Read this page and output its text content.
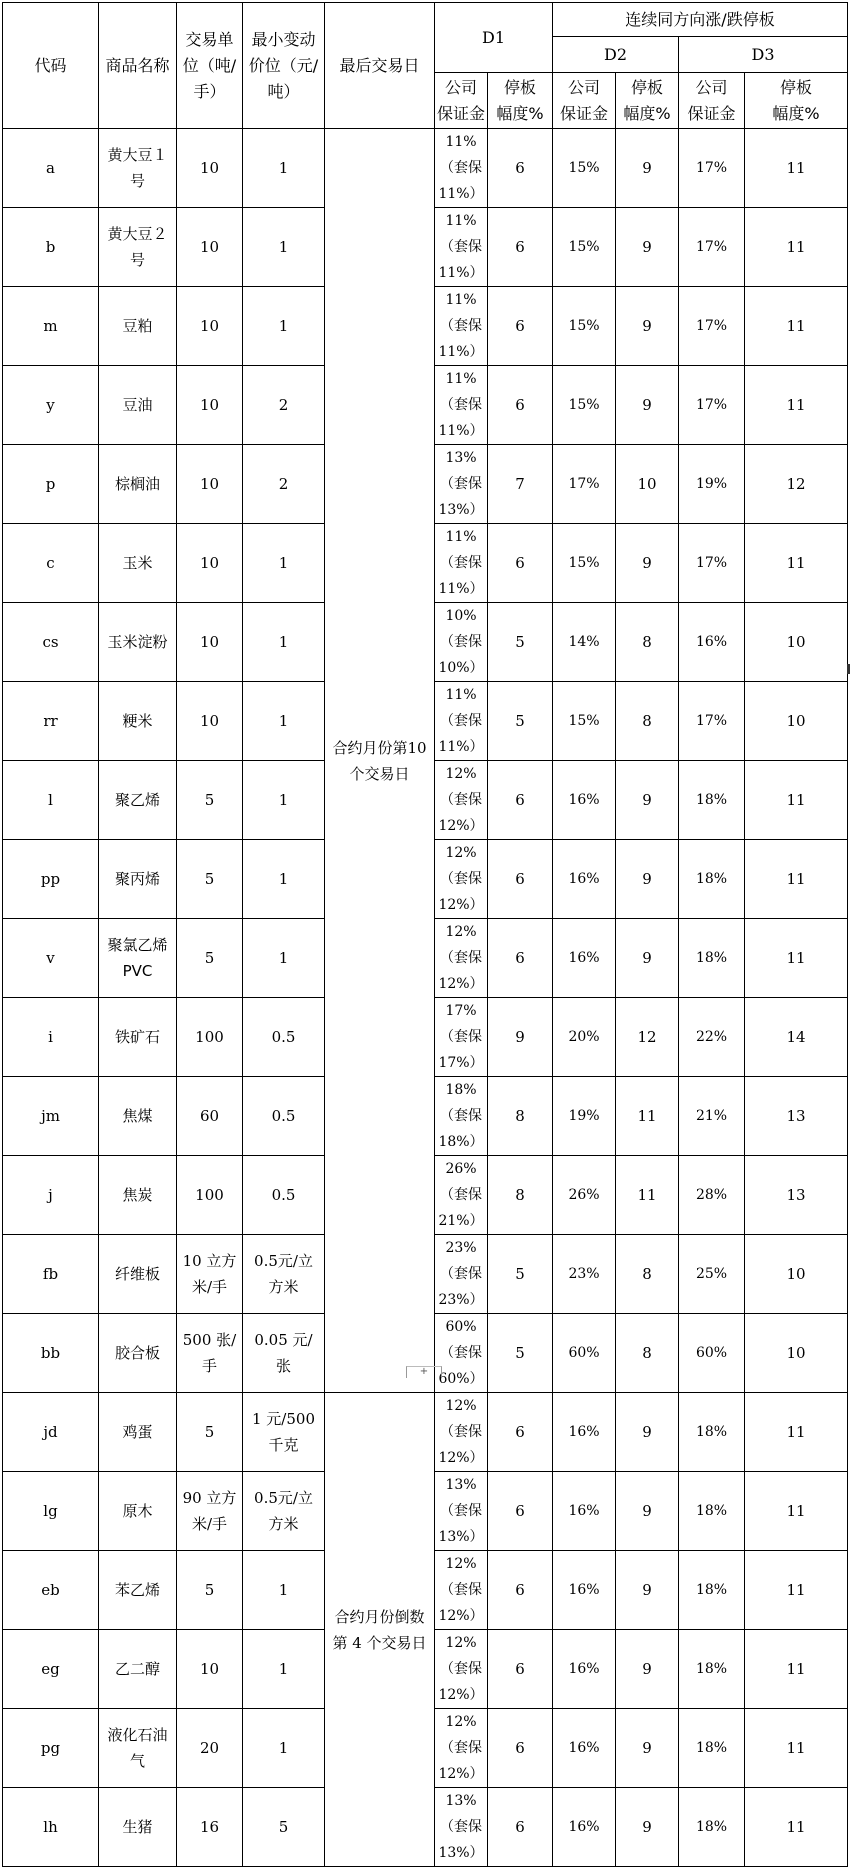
代码	商品名称	交易单
位（吨/
手）	最小变动
价位（元/
吨）	最后交易日	D1		连续同方向涨/跌停板			
							D2		D3	

					公司
保证金	停板
幅度%	公司
保证金	停板
幅度%	公司
保证金	停板
幅度%

a	黄大豆１
号	10	1	合约月份第10
个交易日	11%
（套保 11%）	6	15%	9	17%	11
b	黄大豆２
号	10	1		11%
（套保 11%）	6	15%	9	17%	11
m	豆粕	10	1		11%
（套保 11%）	6	15%	9	17%	11
y	豆油	10	2		11%
（套保 11%）	6	15%	9	17%	11
p	棕榈油	10	2		13%
（套保 13%）	7	17%	10	19%	12
c	玉米	10	1		11%
（套保 11%）	6	15%	9	17%	11
cs	玉米淀粉	10	1		10%
（套保 10%）	5	14%	8	16%	10
rr	粳米	10	1		11%
（套保 11%）	5	15%	8	17%	10
l	聚乙烯	5	1		12%
（套保 12%）	6	16%	9	18%	11
pp	聚丙烯	5	1		12%
（套保 12%）	6	16%	9	18%	11
v	聚氯乙烯
PVC	5	1		12%
（套保 12%）	6	16%	9	18%	11
i	铁矿石	100	0.5		17%
（套保 17%）	9	20%	12	22%	14
jm	焦煤	60	0.5		18%
（套保 18%）	8	19%	11	21%	13
j	焦炭	100	0.5		26%
（套保 21%）	8	26%	11	28%	13
fb	纤维板	10 立方
米/手	0.5元/立
方米		23%
（套保 23%）	5	23%	8	25%	10
bb	胶合板	500 张/
手	0.05 元/
张		60%
（套保 60%）	5	60%	8	60%	10
jd	鸡蛋	5	1 元/500
千克	合约月份倒数
第 4 个交易日	12%
（套保 12%）	6	16%	9	18%	11
lg	原木	90 立方
米/手	0.5元/立
方米		13%
（套保 13%）	6	16%	9	18%	11
eb	苯乙烯	5	1		12%
（套保 12%）	6	16%	9	18%	11
eg	乙二醇	10	1		12%
（套保 12%）	6	16%	9	18%	11
pg	液化石油
气	20	1		12%
（套保 12%）	6	16%	9	18%	11
lh	生猪	16	5		13%
（套保 13%）	6	16%	9	18%	11
+
